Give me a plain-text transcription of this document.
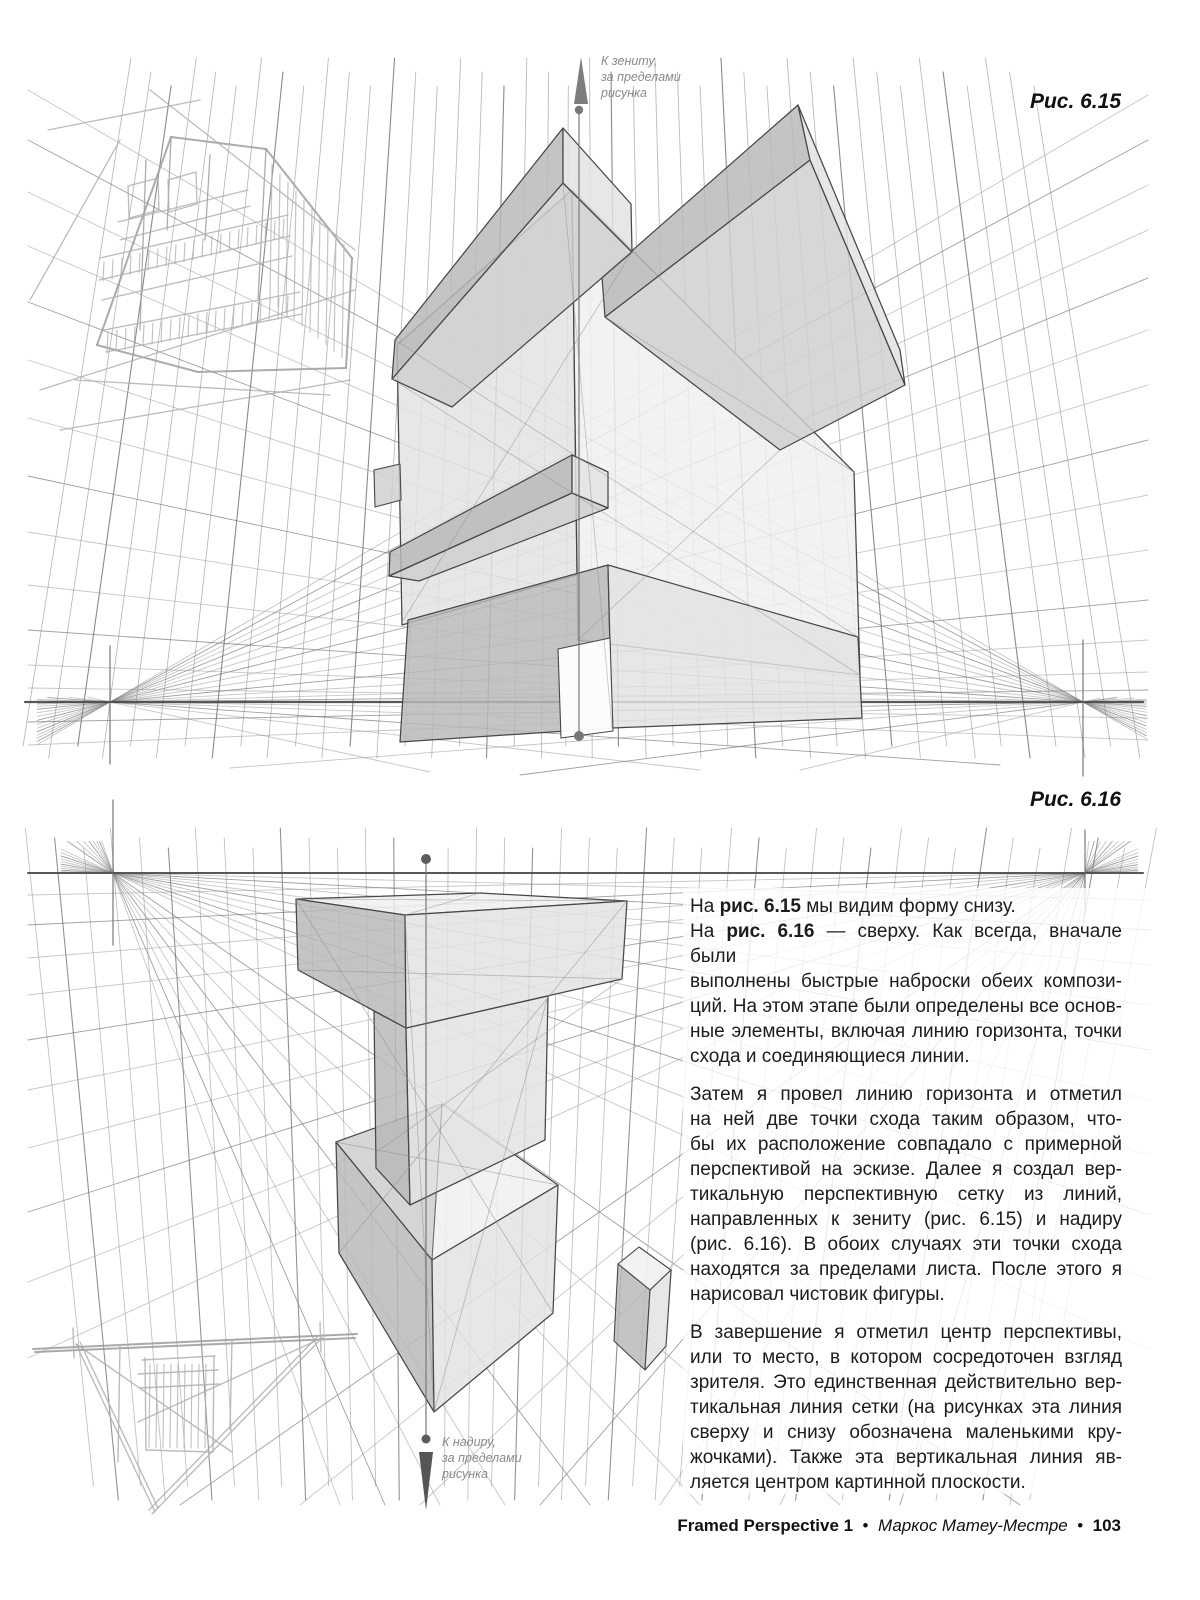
Рис. 6.15
К зениту,
за пределами
рисунка
Рис. 6.16
К надиру,
за пределами
рисунка
На рис. 6.15 мы видим форму снизу.
На рис. 6.16 — сверху. Как всегда, вначале были
выполнены быстрые наброски обеих компози-
ций. На этом этапе были определены все основ-
ные элементы, включая линию горизонта, точки
схода и соединяющиеся линии.
Затем я провел линию горизонта и отметил
на ней две точки схода таким образом, что-
бы их расположение совпадало с примерной
перспективой на эскизе. Далее я создал вер-
тикальную перспективную сетку из линий,
направленных к зениту (рис. 6.15) и надиру
(рис. 6.16). В обоих случаях эти точки схода
находятся за пределами листа. После этого я
нарисовал чистовик фигуры.
В завершение я отметил центр перспективы,
или то место, в котором сосредоточен взгляд
зрителя. Это единственная действительно вер-
тикальная линия сетки (на рисунках эта линия
сверху и снизу обозначена маленькими кру-
жочками). Также эта вертикальная линия яв-
ляется центром картинной плоскости.

Framed Perspective 1  •  Маркос Матеу-Местре  •  103
